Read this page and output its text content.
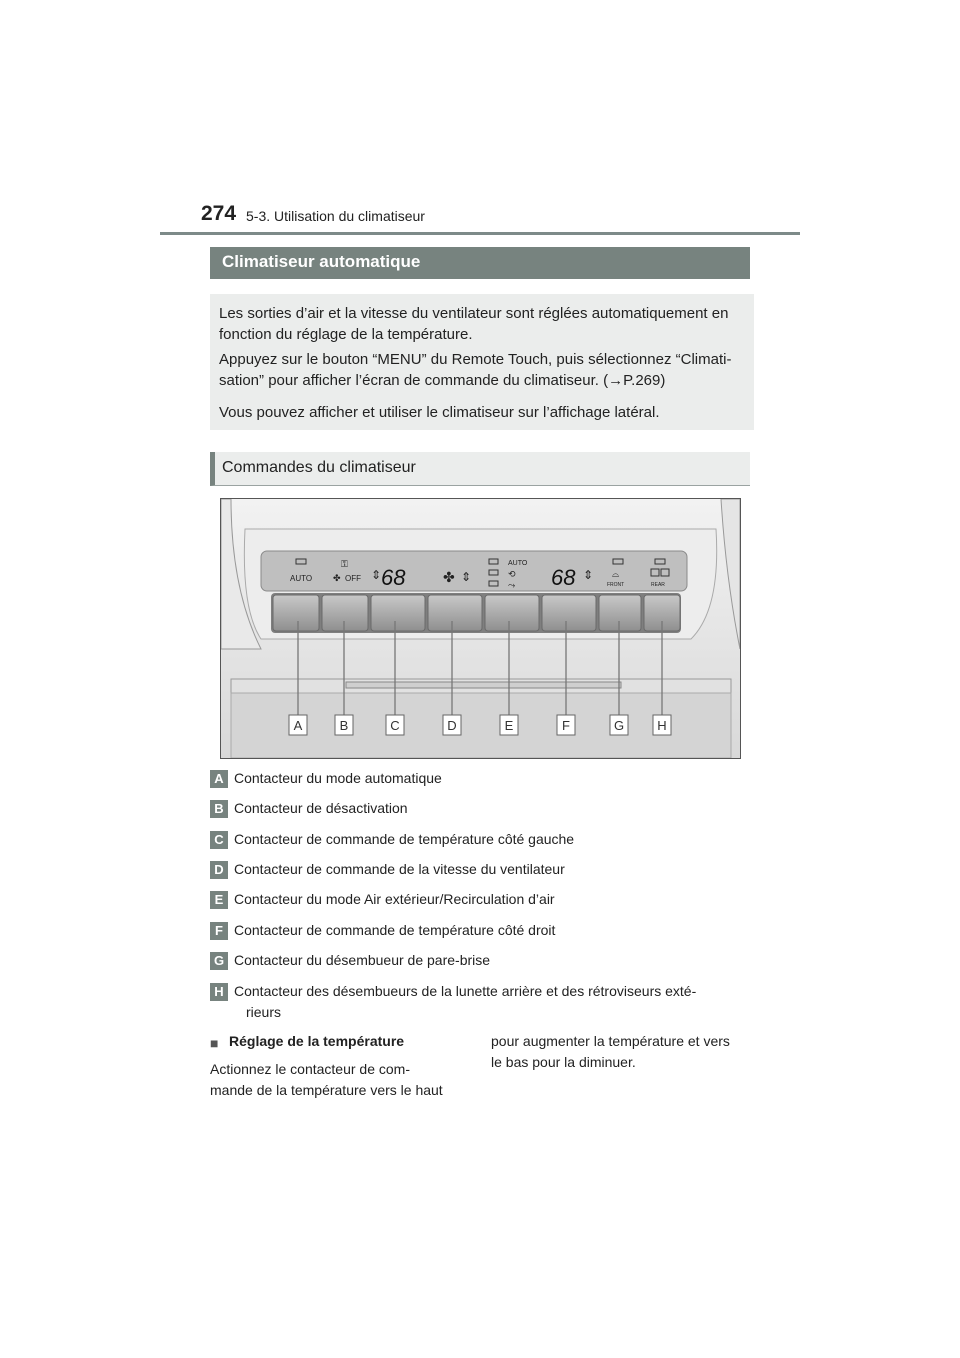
274 5-3. Utilisation du climatiseur
Climatiseur automatique

Les sorties d’air et la vitesse du ventilateur sont réglées automatiquement en fonction du réglage de la température.

Appuyez sur le bouton “MENU” du Remote Touch, puis sélectionnez “Climati- sation” pour afficher l’écran de commande du climatiseur. (→P.269)

Vous pouvez afficher et utiliser le climatiseur sur l’affichage latéral.

Commandes du climatiseur
AUTO
⚿
✤ OFF ⇕ 68	✤ ⇕
AUTO
⟲
⤳ 68 ⇕ ⌓
FRONT	REAR
A	B	C	D	E	F	G	H
A Contacteur du mode automatique
B Contacteur de désactivation
C Contacteur de commande de température côté gauche
D Contacteur de commande de la vitesse du ventilateur
E Contacteur du mode Air extérieur/Recirculation d’air
F Contacteur de commande de température côté droit
G Contacteur du désembueur de pare-brise
H Contacteur des désembueurs de la lunette arrière et des rétroviseurs exté-
rieurs
■ Réglage de la température

Actionnez le contacteur de com-

mande de la température vers le haut

pour augmenter la température et vers

le bas pour la diminuer.
